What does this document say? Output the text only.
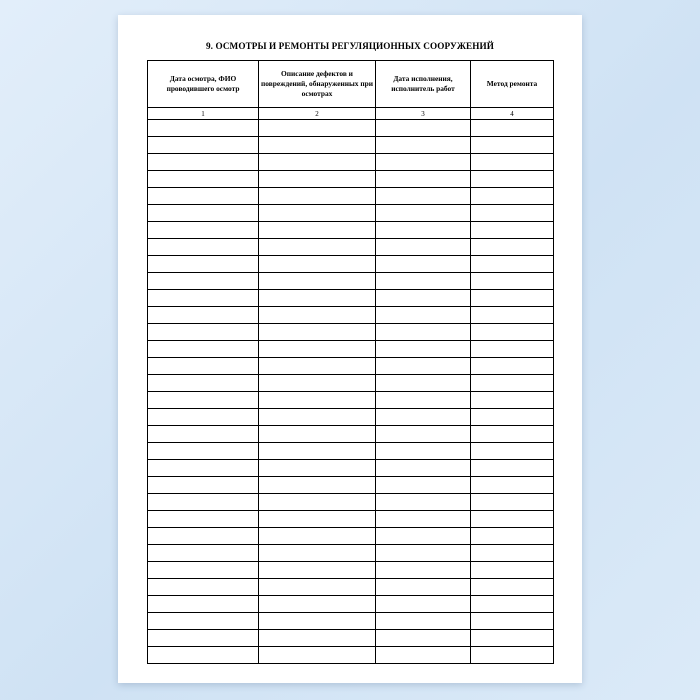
9. ОСМОТРЫ И РЕМОНТЫ РЕГУЛЯЦИОННЫХ СООРУЖЕНИЙ
Дата осмотра, ФИО проводившего осмотр	Описание дефектов и повреждений, обнаруженных при осмотрах	Дата исполнения, исполнитель работ	Метод ремонта
1	2	3	4
